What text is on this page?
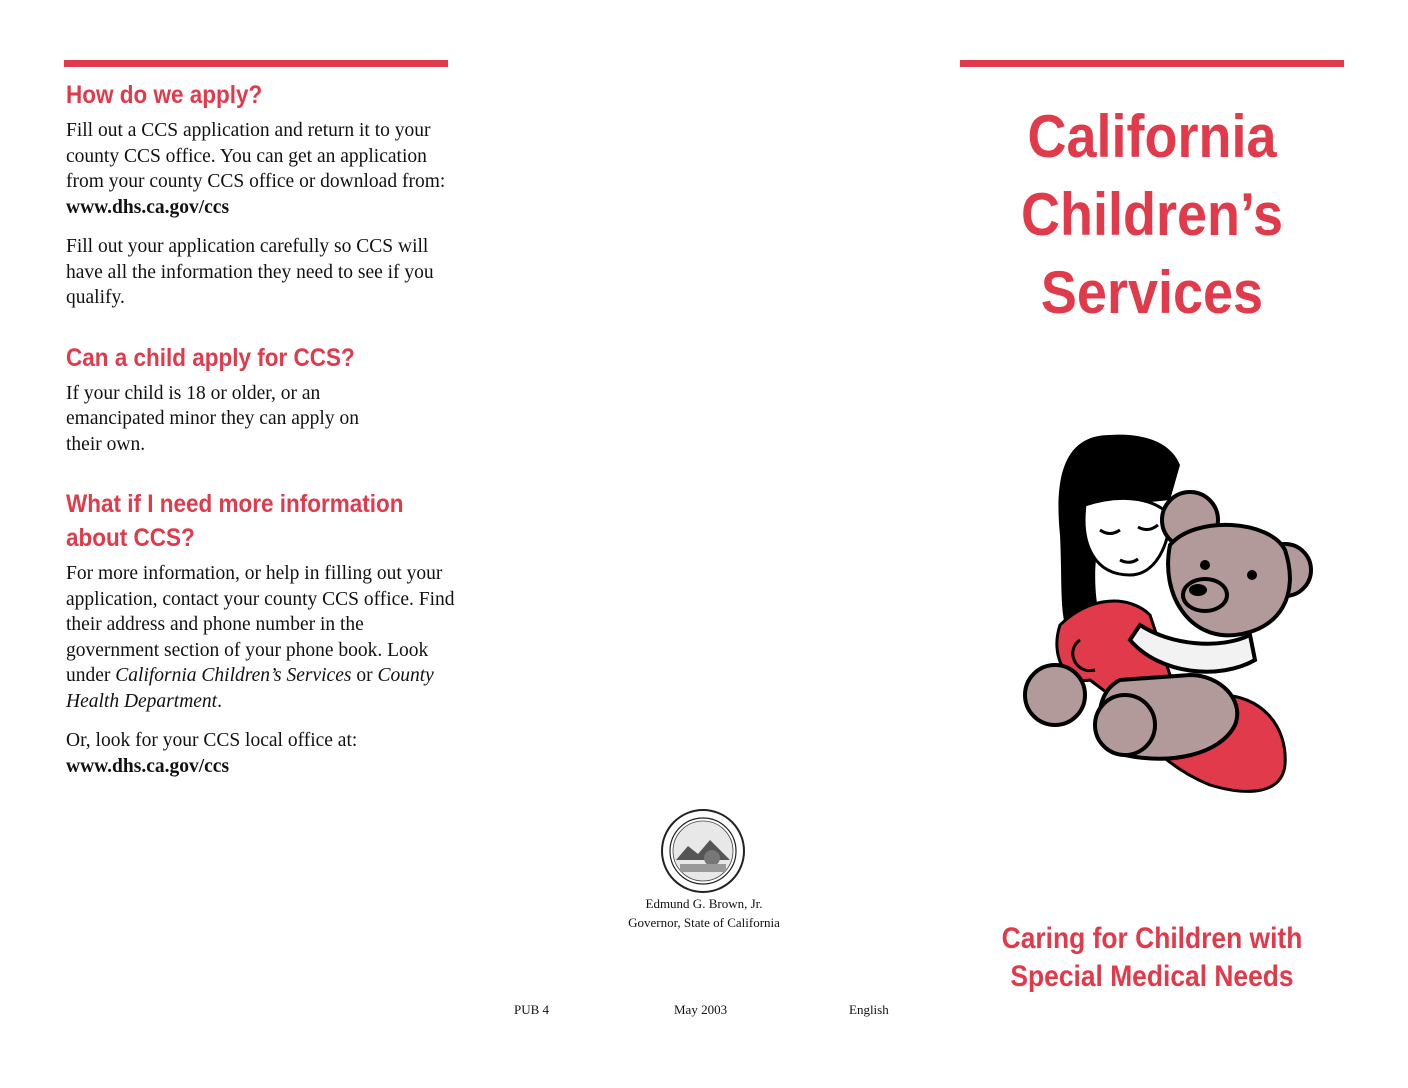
How do we apply?

Fill out a CCS application and return it to your county CCS office. You can get an application from your county CCS office or download from:
www.dhs.ca.gov/ccs

Fill out your application carefully so CCS will have all the information they need to see if you qualify.

Can a child apply for CCS?

If your child is 18 or older, or an emancipated minor they can apply on their own.

What if I need more information about CCS?

For more information, or help in filling out your application, contact your county CCS office. Find their address and phone number in the government section of your phone book. Look under California Children’s Services or County Health Department.

Or, look for your CCS local office at:
www.dhs.ca.gov/ccs

California
Children’s
Services
Caring for Children with
Special Medical Needs
Edmund G. Brown, Jr.
Governor, State of California
PUB 4	May 2003	English
